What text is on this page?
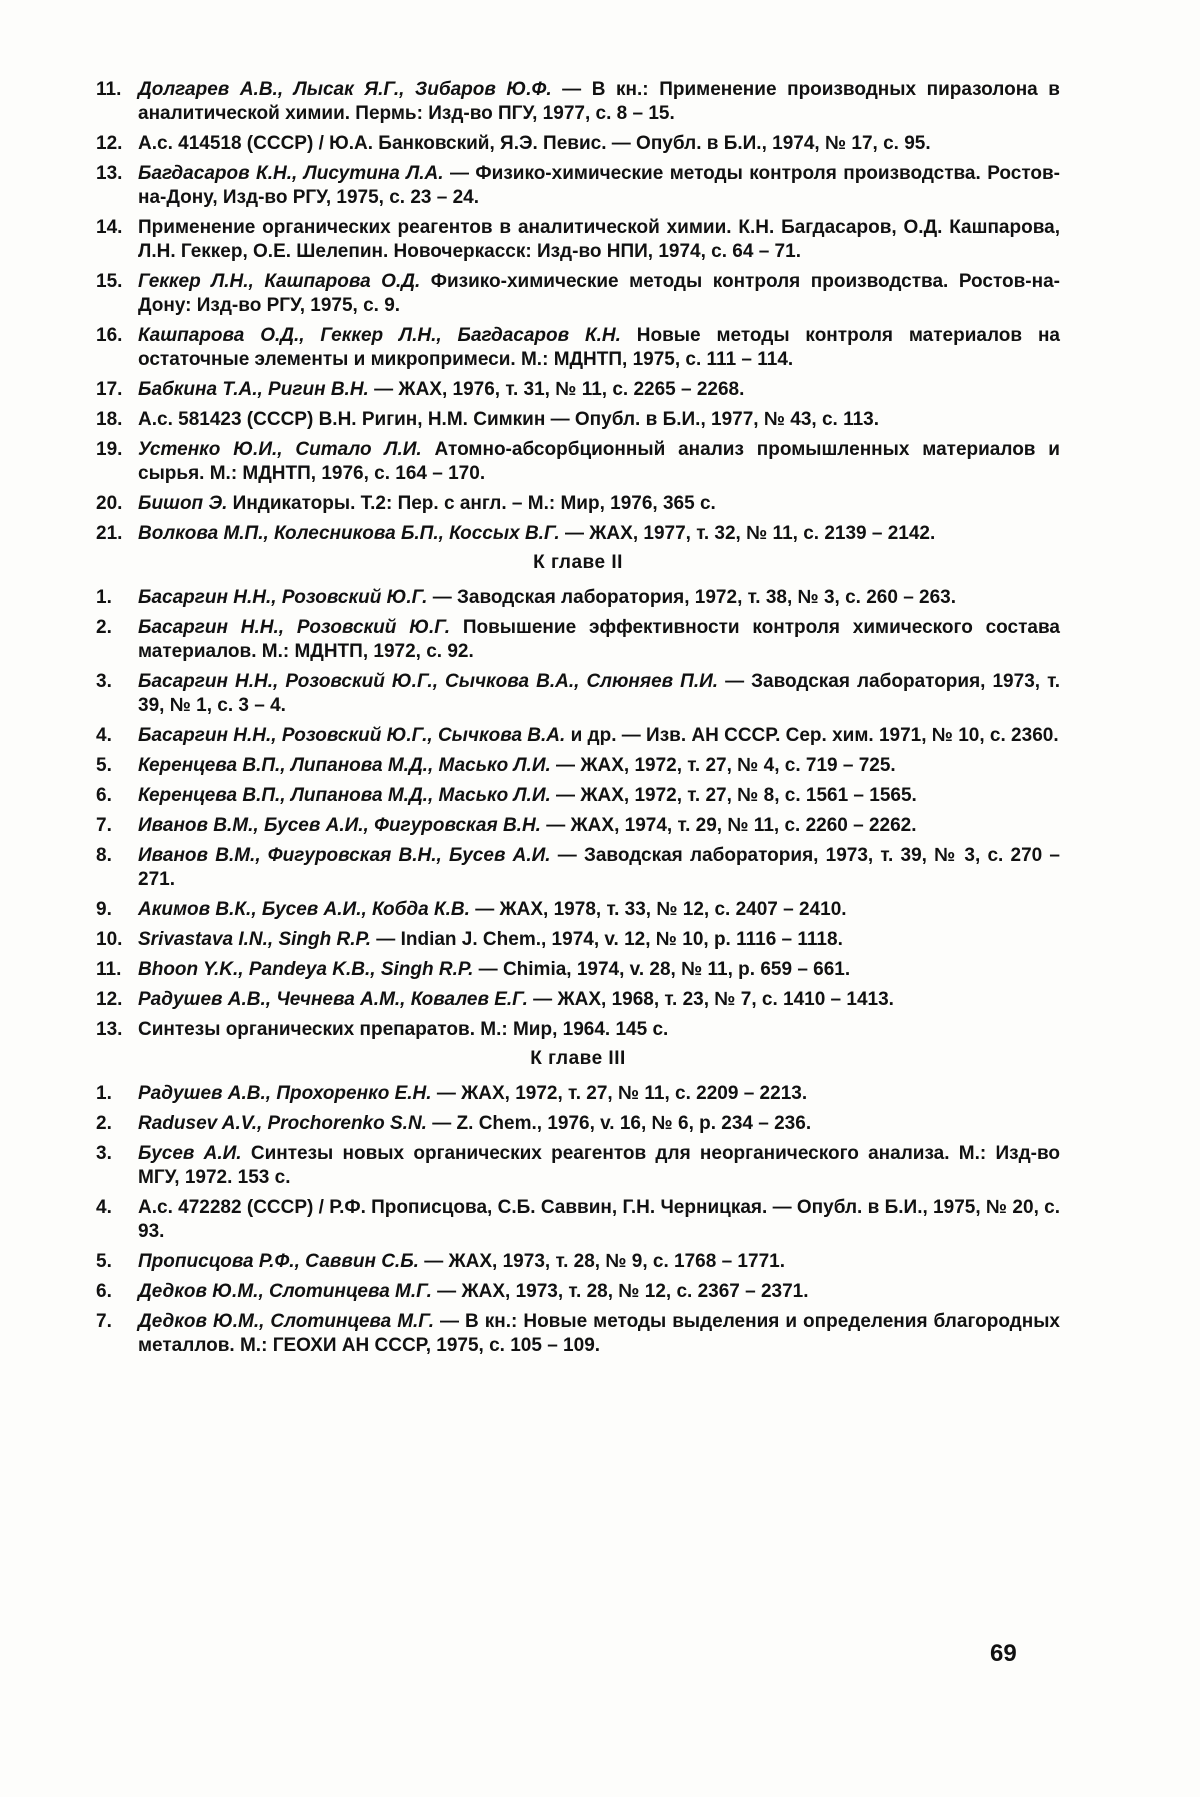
11. Долгарев А.В., Лысак Я.Г., Зибаров Ю.Ф. — В кн.: Применение производных пиразолона в аналитической химии. Пермь: Изд-во ПГУ, 1977, с. 8 – 15.
12. А.с. 414518 (СССР) / Ю.А. Банковский, Я.Э. Певис. — Опубл. в Б.И., 1974, № 17, с. 95.
13. Багдасаров К.Н., Лисутина Л.А. — Физико-химические методы контроля производства. Ростов-на-Дону, Изд-во РГУ, 1975, с. 23 – 24.
14. Применение органических реагентов в аналитической химии. К.Н. Багдасаров, О.Д. Кашпарова, Л.Н. Геккер, О.Е. Шелепин. Новочеркасск: Изд-во НПИ, 1974, с. 64 – 71.
15. Геккер Л.Н., Кашпарова О.Д. Физико-химические методы контроля производства. Ростов-на-Дону: Изд-во РГУ, 1975, с. 9.
16. Кашпарова О.Д., Геккер Л.Н., Багдасаров К.Н. Новые методы контроля материалов на остаточные элементы и микропримеси. М.: МДНТП, 1975, с. 111 – 114.
17. Бабкина Т.А., Ригин В.Н. — ЖАХ, 1976, т. 31, № 11, с. 2265 – 2268.
18. А.с. 581423 (СССР) В.Н. Ригин, Н.М. Симкин — Опубл. в Б.И., 1977, № 43, с. 113.
19. Устенко Ю.И., Ситало Л.И. Атомно-абсорбционный анализ промышленных материалов и сырья. М.: МДНТП, 1976, с. 164 – 170.
20. Бишоп Э. Индикаторы. Т.2: Пер. с англ. – М.: Мир, 1976, 365 с.
21. Волкова М.П., Колесникова Б.П., Коссых В.Г. — ЖАХ, 1977, т. 32, № 11, с. 2139 – 2142.
К главе II
1.	Басаргин Н.Н., Розовский Ю.Г. — Заводская лаборатория, 1972, т. 38, № 3, с. 260 – 263.
2.	Басаргин Н.Н., Розовский Ю.Г. Повышение эффективности контроля химического состава материалов. М.: МДНТП, 1972, с. 92.
3.	Басаргин Н.Н., Розовский Ю.Г., Сычкова В.А., Слюняев П.И. — Заводская лаборатория, 1973, т. 39, № 1, с. 3 – 4.
4.	Басаргин Н.Н., Розовский Ю.Г., Сычкова В.А. и др. — Изв. АН СССР. Сер. хим. 1971, № 10, с. 2360.
5.	Керенцева В.П., Липанова М.Д., Масько Л.И. — ЖАХ, 1972, т. 27, № 4, с. 719 – 725.
6.	Керенцева В.П., Липанова М.Д., Масько Л.И. — ЖАХ, 1972, т. 27, № 8, с. 1561 – 1565.
7.	Иванов В.М., Бусев А.И., Фигуровская В.Н. — ЖАХ, 1974, т. 29, № 11, с. 2260 – 2262.
8.	Иванов В.М., Фигуровская В.Н., Бусев А.И. — Заводская лаборатория, 1973, т. 39, № 3, с. 270 – 271.
9.	Акимов В.К., Бусев А.И., Кобда К.В. — ЖАХ, 1978, т. 33, № 12, с. 2407 – 2410.
10. Srivastava I.N., Singh R.P. — Indian J. Chem., 1974, v. 12, № 10, p. 1116 – 1118.
11. Bhoon Y.K., Pandeya K.B., Singh R.P. — Chimia, 1974, v. 28, № 11, p. 659 – 661.
12. Радушев А.В., Чечнева А.М., Ковалев Е.Г. — ЖАХ, 1968, т. 23, № 7, с. 1410 – 1413.
13. Синтезы органических препаратов. М.: Мир, 1964. 145 с.
К главе III
1.	Радушев А.В., Прохоренко Е.Н. — ЖАХ, 1972, т. 27, № 11, с. 2209 – 2213.
2.	Radusev A.V., Prochorenko S.N. — Z. Chem., 1976, v. 16, № 6, p. 234 – 236.
3.	Бусев А.И. Синтезы новых органических реагентов для неорганического анализа. М.: Изд-во МГУ, 1972. 153 с.
4.	А.с. 472282 (СССР) / Р.Ф. Прописцова, С.Б. Саввин, Г.Н. Черницкая. — Опубл. в Б.И., 1975, № 20, с. 93.
5.	Прописцова Р.Ф., Саввин С.Б. — ЖАХ, 1973, т. 28, № 9, с. 1768 – 1771.
6.	Дедков Ю.М., Слотинцева М.Г. — ЖАХ, 1973, т. 28, № 12, с. 2367 – 2371.
7.	Дедков Ю.М., Слотинцева М.Г. — В кн.: Новые методы выделения и определения благородных металлов. М.: ГЕОХИ АН СССР, 1975, с. 105 – 109.
69
